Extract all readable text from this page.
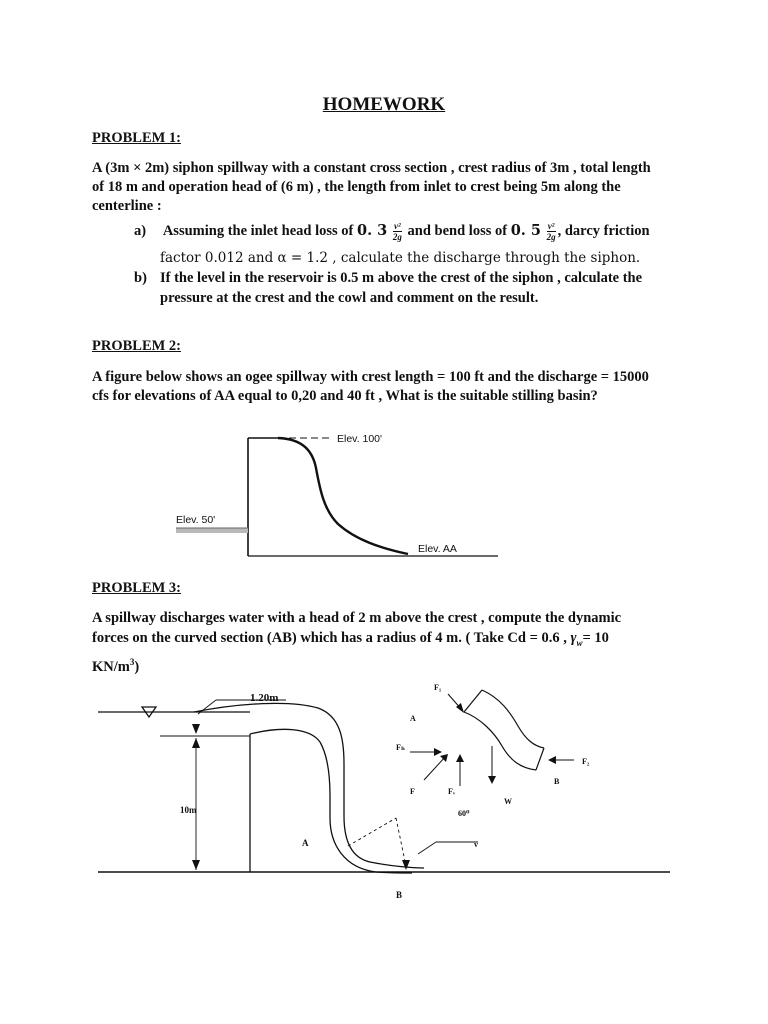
HOMEWORK
PROBLEM 1:
A (3m × 2m) siphon spillway with a constant cross section , crest radius of 3m , total length
of 18 m and operation head of (6 m) , the length from inlet to crest being 5m along the
centerline :
a) Assuming the inlet head loss of 0. $3 \frac{\text{v²}}{2g}$ and bend loss of 0. $5 \frac{\text{v²}}{2g}$ , darcy friction
factor 0.012 and α = 1.2 , calculate the discharge through the siphon.
b) If the level in the reservoir is 0.5 m above the crest of the siphon , calculate the
pressure at the crest and the cowl and comment on the result.
PROBLEM 2:
A figure below shows an ogee spillway with crest length = 100 ft and the discharge = 15000
cfs for elevations of AA equal to 0,20 and 40 ft , What is the suitable stilling basin?
Elev. 100'
Elev. 50'
Elev. AA
PROBLEM 3:
A spillway discharges water with a head of 2 m above the crest , compute the dynamic
forces on the curved section (AB) which has a radius of 4 m. ( Take Cd = 0.6 , $\gamma_w= 10$
$KN/m^3$)
1.20m
10m
A
B
F₁
A
Fₕ
F	Fᵥ
W
60⁰
v
F₂
B
